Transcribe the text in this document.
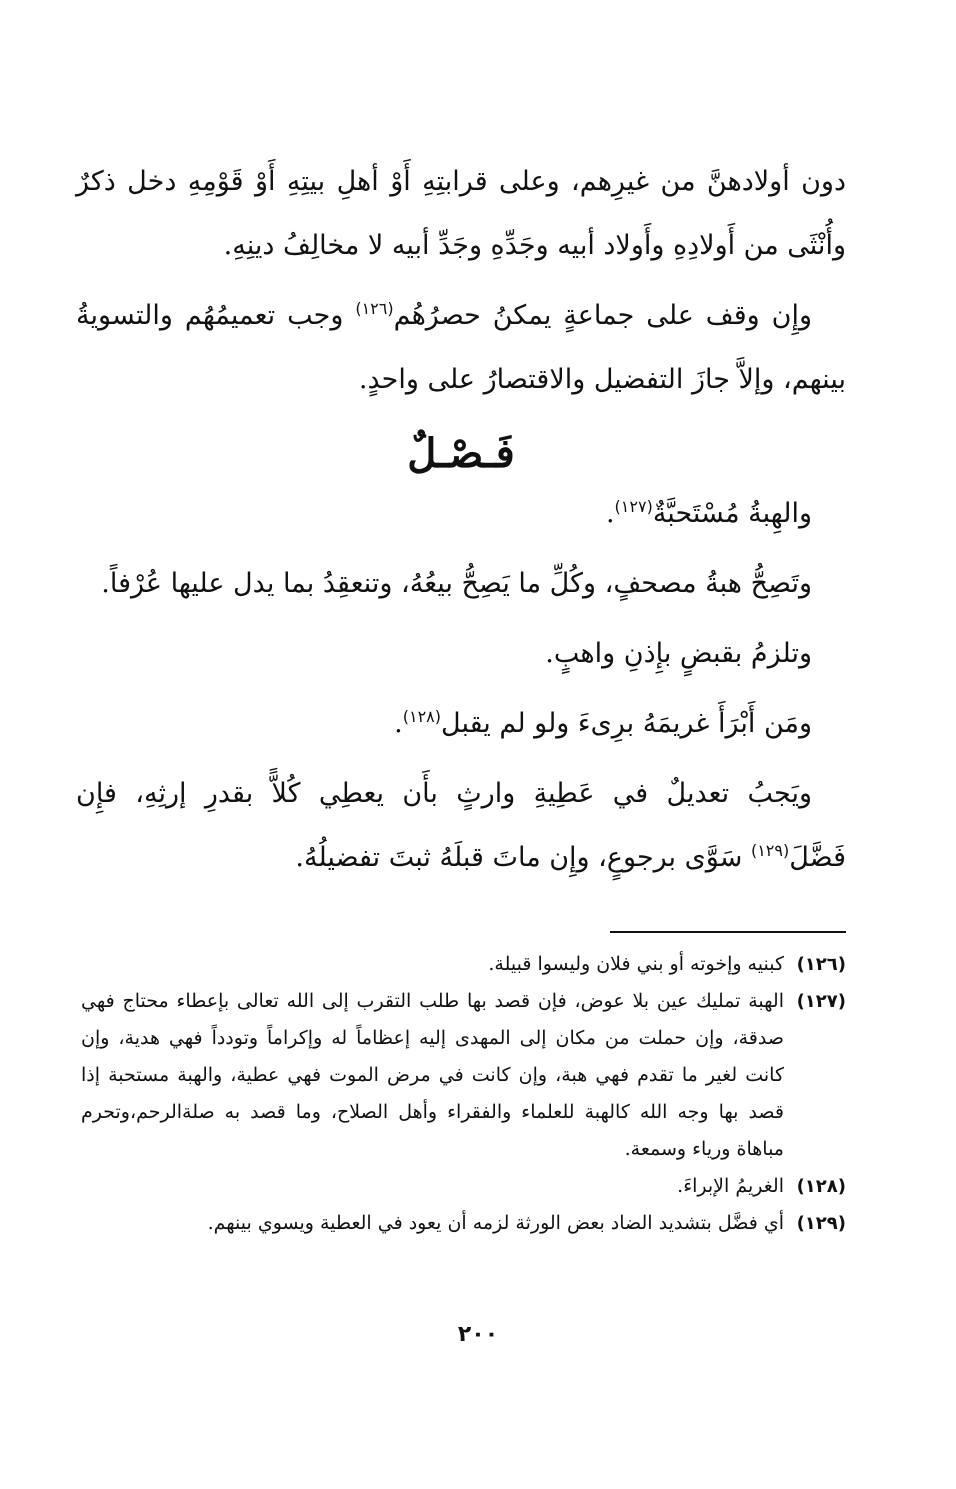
دون أولادهنَّ من غيرِهم، وعلى قرابتِهِ أَوْ أهلِ بيتِهِ أَوْ قَوْمِهِ دخل ذكرٌ وأُنْثَى من أَولادِهِ وأَولاد أبيه وجَدِّهِ وجَدِّ أبيه لا مخالِفُ دينِهِ.

وإِن وقف على جماعةٍ يمكنُ حصرُهُم$^{(١٢٦)}$ وجب تعميمُهُم والتسويةُ بينهم، وإلاَّ جازَ التفضيل والاقتصارُ على واحدٍ.

فَـصْـلٌ

والهِبةُ مُسْتَحبَّةٌ$^{(١٢٧)}$.

وتَصِحُّ هبةُ مصحفٍ، وكُلِّ ما يَصِحُّ بيعُهُ، وتنعقِدُ بما يدل عليها عُرْفاً.

وتلزمُ بقبضٍ بإِذنِ واهبٍ.

ومَن أَبْرَأَ غريمَهُ برِىءَ ولو لم يقبل$^{(١٢٨)}$.

ويَجبُ تعديلٌ في عَطِيةِ وارثٍ بأَن يعطِي كُلاًّ بقدرِ إرثِهِ، فإِن فَضَّلَ$^{(١٢٩)}$ سَوَّى برجوعٍ، وإِن ماتَ قبلَهُ ثبتَ تفضيلُهُ.

(١٢٦)
كبنيه وإخوته أو بني فلان وليسوا قبيلة.
(١٢٧)
الهبة تمليك عين بلا عوض، فإن قصد بها طلب التقرب إلى الله تعالى بإعطاء محتاج فهي صدقة، وإن حملت من مكان إلى المهدى إليه إعظاماً له وإكراماً وتودداً فهي هدية، وإن كانت لغير ما تقدم فهي هبة، وإن كانت في مرض الموت فهي عطية، والهبة مستحبة إذا قصد بها وجه الله كالهبة للعلماء والفقراء وأهل الصلاح، وما قصد به صلةالرحم،وتحرم مباهاة ورياء وسمعة.
(١٢٨)
الغريمُ الإبراءَ.
(١٢٩)
أي فضَّل بتشديد الضاد بعض الورثة لزمه أن يعود في العطية ويسوي بينهم.
٢٠٠
